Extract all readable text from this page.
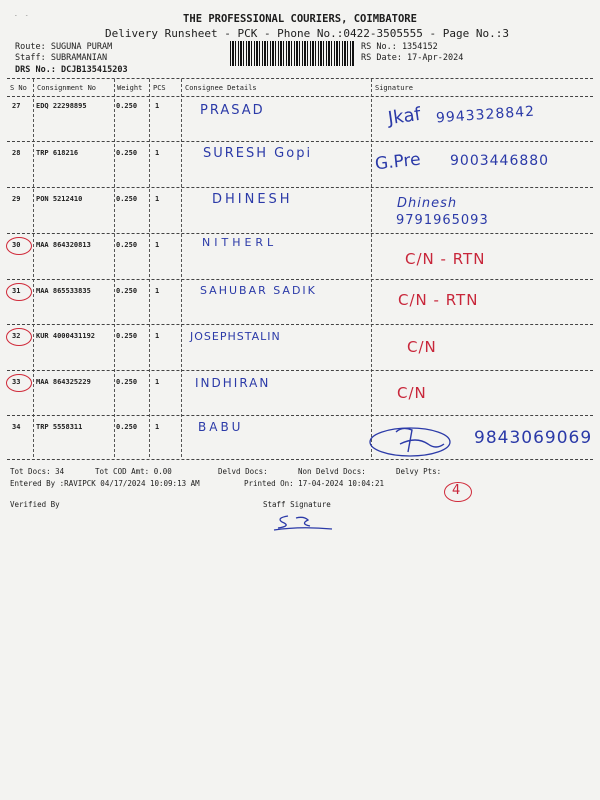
-  -	THE PROFESSIONAL COURIERS, COIMBATORE
Delivery Runsheet - PCK - Phone No.:0422-3505555 - Page No.:3
Route: SUGUNA PURAM
Staff: SUBRAMANIAN
DRS No.: DCJB135415203
RS No.: 1354152
RS Date: 17-Apr-2024
S No Consignment No	Weight PCS	Consignee Details	Signature
27 EDQ 22298895	0.250	1	PRASAD	Jkaf 9943328842
28 TRP 618216	0.250	1	SURESH Gopi	G.Pre 9003446880
29 PON 5212410	0.250	1	DHINESH	Dhinesh
9791965093
30 MAA 864320813	0.250	1	NITHERL
C/N - RTN
31 MAA 865533835	0.250	1	SAHUBAR SADIK
C/N - RTN
32 KUR 4000431192	0.250	1	JOSEPHSTALIN
C/N
33 MAA 864325229	0.250	1	INDHIRAN
C/N
34 TRP 5558311	0.250	1	BABU
9843069069
Tot Docs: 34	Tot COD Amt: 0.00	Delvd Docs:	Non Delvd Docs:	Delvy Pts:
Entered By :RAVIPCK 04/17/2024 10:09:13 AM	Printed On: 17-04-2024 10:04:21	4
Verified By	Staff Signature
